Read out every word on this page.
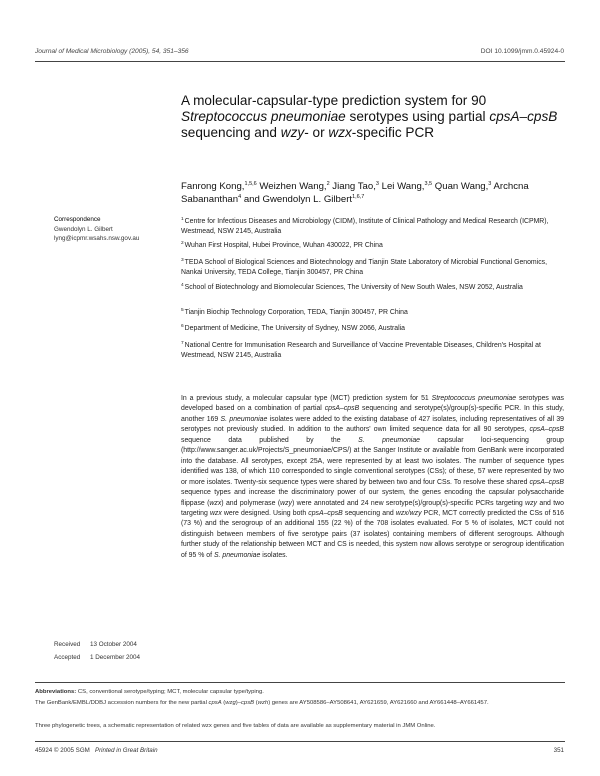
Journal of Medical Microbiology (2005), 54, 351–356	DOI 10.1099/jmm.0.45924-0
A molecular-capsular-type prediction system for 90 Streptococcus pneumoniae serotypes using partial cpsA–cpsB sequencing and wzy- or wzx-specific PCR
Fanrong Kong,$^{1,5,6}$ Weizhen Wang,$^2$ Jiang Tao,$^3$ Lei Wang,$^{3,5}$ Quan Wang,$^3$ Archcna Sabananthan$^4$ and Gwendolyn L. Gilbert$^{1,6,7}$
Correspondence
Gwendolyn L. Gilbert
lyng@icpmr.wsahs.nsw.gov.au
$^1$Centre for Infectious Diseases and Microbiology (CIDM), Institute of Clinical Pathology and Medical Research (ICPMR), Westmead, NSW 2145, Australia
$^2$Wuhan First Hospital, Hubei Province, Wuhan 430022, PR China
$^3$TEDA School of Biological Sciences and Biotechnology and Tianjin State Laboratory of Microbial Functional Genomics, Nankai University, TEDA College, Tianjin 300457, PR China
$^4$School of Biotechnology and Biomolecular Sciences, The University of New South Wales, NSW 2052, Australia
$^5$Tianjin Biochip Technology Corporation, TEDA, Tianjin 300457, PR China
$^6$Department of Medicine, The University of Sydney, NSW 2066, Australia
$^7$National Centre for Immunisation Research and Surveillance of Vaccine Preventable Diseases, Children's Hospital at Westmead, NSW 2145, Australia
In a previous study, a molecular capsular type (MCT) prediction system for 51 Streptococcus pneumoniae serotypes was developed based on a combination of partial cpsA–cpsB sequencing and serotype(s)/group(s)-specific PCR. In this study, another 169 S. pneumoniae isolates were added to the existing database of 427 isolates, including representatives of all 39 serotypes not previously studied. In addition to the authors' own limited sequence data for all 90 serotypes, cpsA–cpsB sequence data published by the S. pneumoniae capsular loci-sequencing group (http://www.sanger.ac.uk/Projects/S_pneumoniae/CPS/) at the Sanger Institute or available from GenBank were incorporated into the database. All serotypes, except 25A, were represented by at least two isolates. The number of sequence types identified was 138, of which 110 corresponded to single conventional serotypes (CSs); of these, 57 were represented by two or more isolates. Twenty-six sequence types were shared by between two and four CSs. To resolve these shared cpsA–cpsB sequence types and increase the discriminatory power of our system, the genes encoding the capsular polysaccharide flippase (wzx) and polymerase (wzy) were annotated and 24 new serotype(s)/group(s)-specific PCRs targeting wzy and two targeting wzx were designed. Using both cpsA–cpsB sequencing and wzx/wzy PCR, MCT correctly predicted the CSs of 516 (73 %) and the serogroup of an additional 155 (22 %) of the 708 isolates evaluated. For 5 % of isolates, MCT could not distinguish between members of five serotype pairs (37 isolates) containing members of different serogroups. Although further study of the relationship between MCT and CS is needed, this system now allows serotype or serogroup identification of 95 % of S. pneumoniae isolates.
Received 13 October 2004
Accepted 1 December 2004
Abbreviations: CS, conventional serotype/typing; MCT, molecular capsular type/typing.
The GenBank/EMBL/DDBJ accession numbers for the new partial cpsA (wzg)–cpsB (wzh) genes are AY508586–AY508641, AY621659, AY621660 and AY661448–AY661457.
Three phylogenetic trees, a schematic representation of related wzx genes and five tables of data are available as supplementary material in JMM Online.
45924 © 2005 SGM Printed in Great Britain	351
